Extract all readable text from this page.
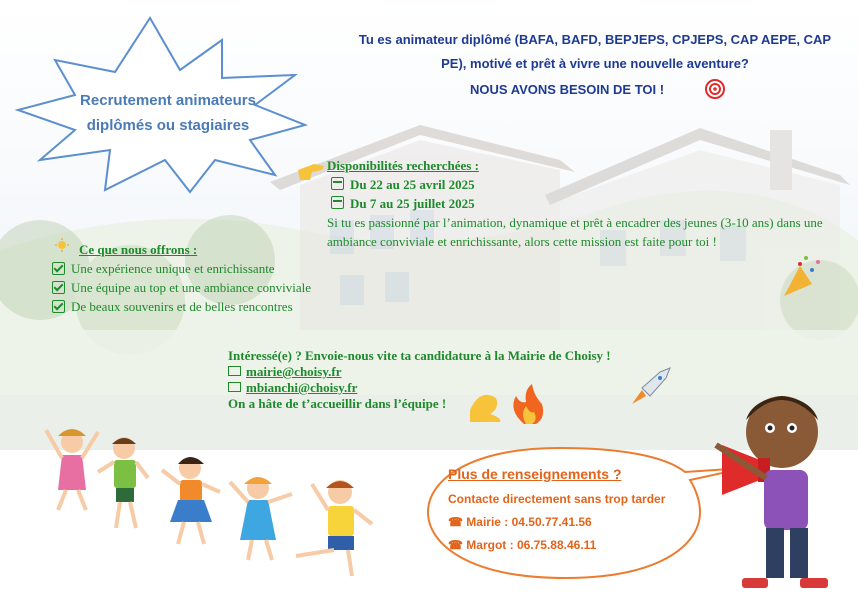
Recrutement animateurs
diplômés ou stagiaires
Tu es animateur diplômé (BAFA, BAFD, BEPJEPS, CPJEPS, CAP AEPE, CAP PE), motivé et prêt à vivre une nouvelle aventure?
NOUS AVONS BESOIN DE TOI !
Disponibilités recherchées :
Du 22 au 25 avril 2025
Du 7 au 25 juillet 2025
Si tu es passionné par l’animation, dynamique et prêt à encadrer des jeunes (3-10 ans) dans une ambiance conviviale et enrichissante, alors cette mission est faite pour toi !
Ce que nous offrons :
Une expérience unique et enrichissante
Une équipe au top et une ambiance conviviale
De beaux souvenirs et de belles rencontres
Intéressé(e) ? Envoie-nous vite ta candidature à la Mairie de Choisy !
mairie@choisy.fr
mbianchi@choisy.fr
On a hâte de t’accueillir dans l’équipe !
Plus de renseignements ?
Contacte directement sans trop tarder
☎ Mairie : 04.50.77.41.56
☎ Margot : 06.75.88.46.11
